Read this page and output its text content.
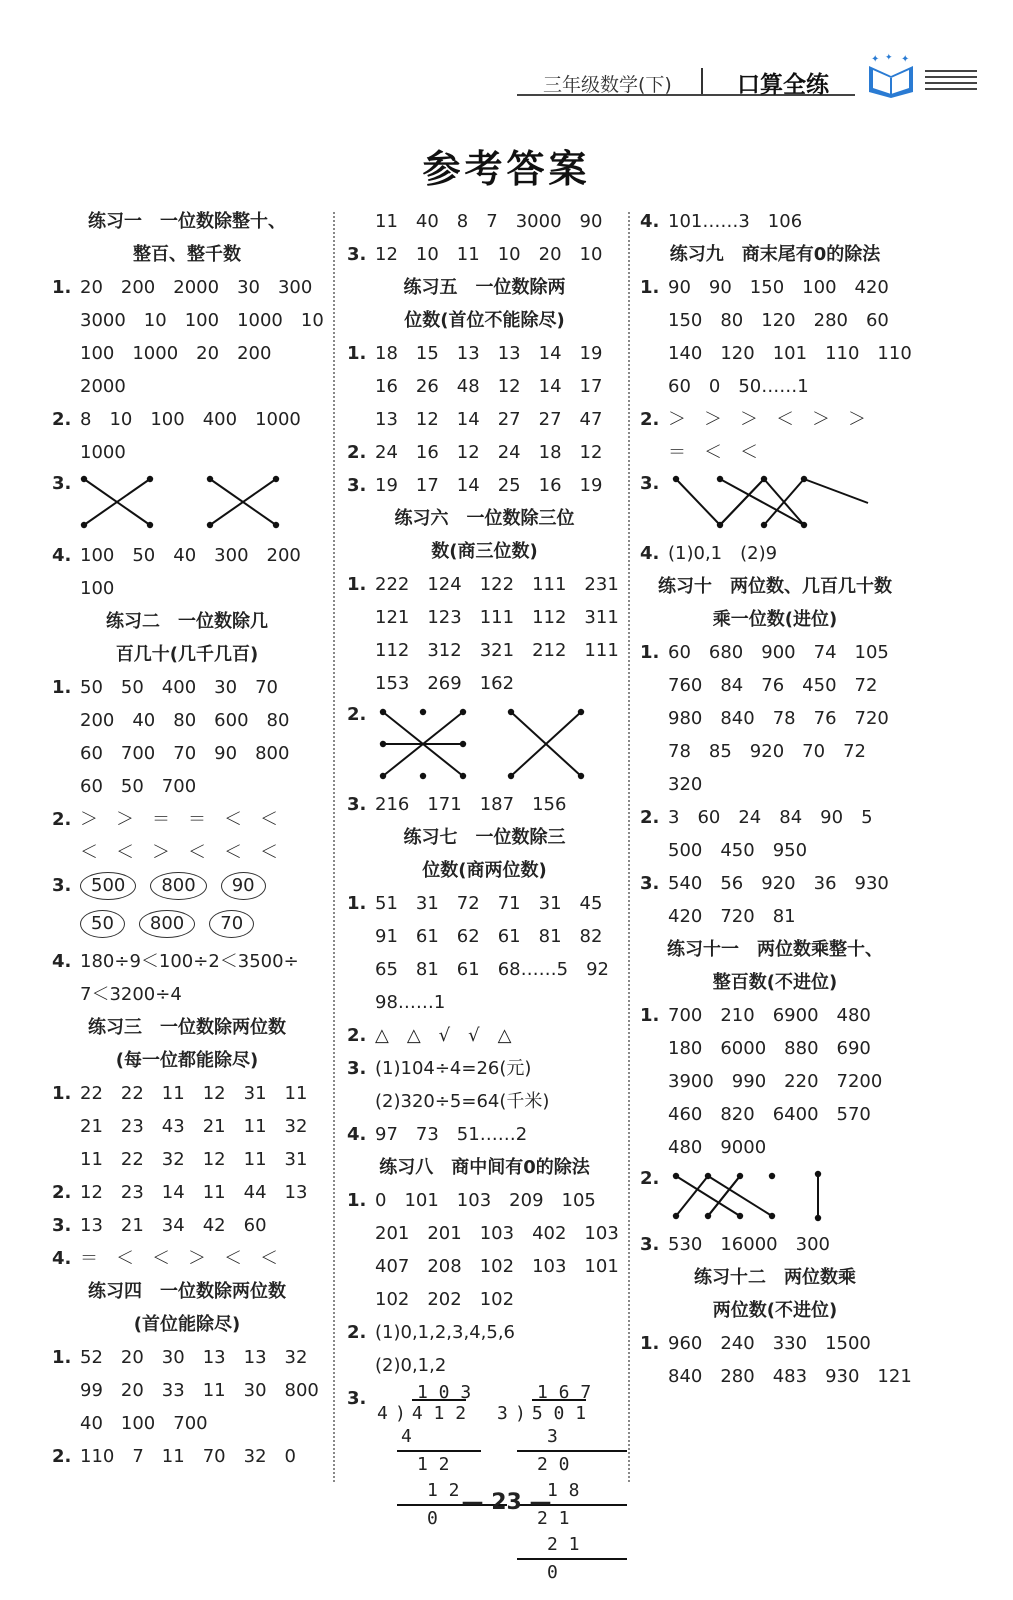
三年级数学(下)	口算全练
✦ ✦ ✦
参考答案
练习一　一位数除整十、
整百、整千数
1. 20　200　2000　30　300
3000　10　100　1000　10
100　1000　20　200
2000
2. 8　10　100　400　1000
1000
3.
4. 100　50　40　300　200
100
练习二　一位数除几
百几十(几千几百)
1. 50　50　400　30　70
200　40　80　600　80
60　700　70　90　800
60　50　700
2. ＞　＞　＝　＝　＜　＜
＜　＜　＞　＜　＜　＜
3. 500 800 90
50 800 70
4. 180÷9＜100÷2＜3500÷
7＜3200÷4
练习三　一位数除两位数
(每一位都能除尽)
1. 22　22　11　12　31　11
21　23　43　21　11　32
11　22　32　12　11　31
2. 12　23　14　11　44　13
3. 13　21　34　42　60
4. ＝　＜　＜　＞　＜　＜
练习四　一位数除两位数
(首位能除尽)
1. 52　20　30　13　13　32
99　20　33　11　30　800
40　100　700
2. 110　7　11　70　32　0
11　40　8　7　3000　90
3. 12　10　11　10　20　10
练习五　一位数除两
位数(首位不能除尽)
1. 18　15　13　13　14　19
16　26　48　12　14　17
13　12　14　27　27　47
2. 24　16　12　24　18　12
3. 19　17　14　25　16　19
练习六　一位数除三位
数(商三位数)
1. 222　124　122　111　231
121　123　111　112　311
112　312　321　212　111
153　269　162
2.
3. 216　171　187　156
练习七　一位数除三
位数(商两位数)
1. 51　31　72　71　31　45
91　61　62　61　81　82
65　81　61　68……5　92
98……1
2. △　△　√　√　△
3. (1)104÷4=26(元)
(2)320÷5=64(千米)
4. 97　73　51……2
练习八　商中间有0的除法
1. 0　101　103　209　105
201　201　103　402　103
407　208　102　103　101
102　202　102
2. (1)0,1,2,3,4,5,6
(2)0,1,2
3.	1 0 3
4 ) 4 1 2
4
1 2
1 2
0
1 6 7
3 ) 5 0 1
3
2 0
1 8
2 1
2 1
0
4. 101……3　106
练习九　商末尾有0的除法
1. 90　90　150　100　420
150　80　120　280　60
140　120　101　110　110
60　0　50……1
2. ＞　＞　＞　＜　＞　＞
＝　＜　＜
3.
4. (1)0,1　(2)9
练习十　两位数、几百几十数
乘一位数(进位)
1. 60　680　900　74　105
760　84　76　450　72
980　840　78　76　720
78　85　920　70　72
320
2. 3　60　24　84　90　5
500　450　950
3. 540　56　920　36　930
420　720　81
练习十一　两位数乘整十、
整百数(不进位)
1. 700　210　6900　480
180　6000　880　690
3900　990　220　7200
460　820　6400　570
480　9000
2.
3. 530　16000　300
练习十二　两位数乘
两位数(不进位)
1. 960　240　330　1500
840　280　483　930　121
— 23 —
